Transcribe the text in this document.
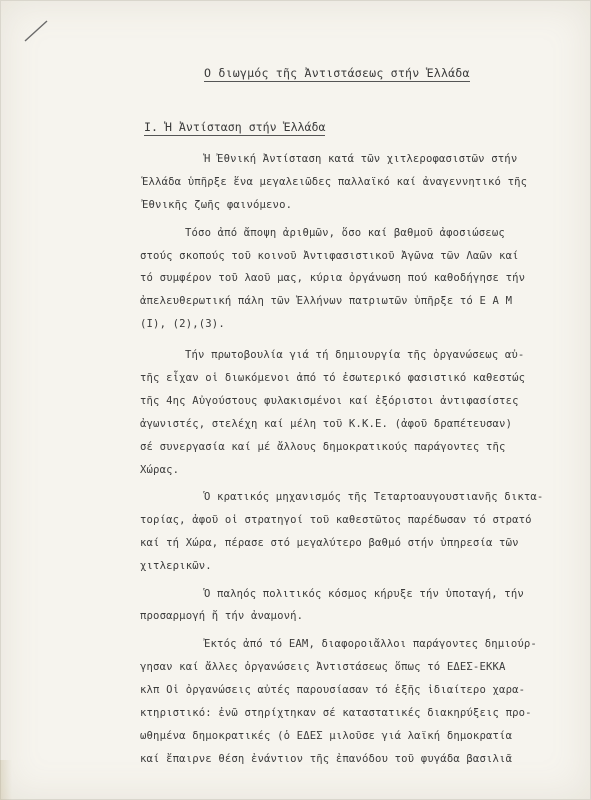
Ο διωγμός τῆς Ἀντιστάσεως στήν Ἑλλάδα
I. Ἡ Ἀντίσταση στήν Ἑλλάδα
Ἡ Ἐθνική Ἀντίσταση κατά τῶν χιτλεροφασιστῶν στήν
Ἑλλάδα ὑπῆρξε ἕνα μεγαλειῶδες παλλαϊκό καί ἀναγεννητικό τῆς
Ἐθνικῆς ζωῆς φαινόμενο.
Τόσο ἀπό ἄποψη ἀριθμῶν, ὅσο καί βαθμοῦ ἀφοσιώσεως
στούς σκοπούς τοῦ κοινοῦ Ἀντιφασιστικοῦ Ἀγῶνα τῶν Λαῶν καί
τό συμφέρον τοῦ λαοῦ μας, κύρια ὀργάνωση πού καθοδήγησε τήν
ἀπελευθερωτική πάλη τῶν Ἑλλήνων πατριωτῶν ὑπῆρξε τό Ε Α Μ
(I), (2),(3).
Τήν πρωτοβουλία γιά τή δημιουργία τῆς ὀργανώσεως αὐ-
τῆς εἶχαν οἱ διωκόμενοι ἀπό τό ἐσωτερικό φασιστικό καθεστώς
τῆς 4ης Αὐγούστους φυλακισμένοι καί ἐξόριστοι ἀντιφασίστες
ἀγωνιστές, στελέχη καί μέλη τοῦ Κ.Κ.Ε. (ἀφοῦ δραπέτευσαν)
σέ συνεργασία καί μέ ἄλλους δημοκρατικούς παράγοντες τῆς
Χώρας.
Ὁ κρατικός μηχανισμός τῆς Τεταρτοαυγουστιανῆς δικτα-
τορίας, ἀφοῦ οἱ στρατηγοί τοῦ καθεστῶτος παρέδωσαν τό στρατό
καί τή Χώρα, πέρασε στό μεγαλύτερο βαθμό στήν ὑπηρεσία τῶν
χιτλερικῶν.
Ὁ παληός πολιτικός κόσμος κήρυξε τήν ὑποταγή, τήν
προσαρμογή ἤ τήν ἀναμονή.
Ἐκτός ἀπό τό ΕΑΜ, διαφοροιἄλλοι παράγοντες δημιούρ-
γησαν καί ἄλλες ὀργανώσεις Ἀντιστάσεως ὅπως τό ΕΔΕΣ-ΕΚΚΑ
κλπ Οἱ ὀργανώσεις αὐτές παρουσίασαν τό ἑξῆς ἰδιαίτερο χαρα-
κτηριστικό: ἐνῶ στηρίχτηκαν σέ καταστατικές διακηρύξεις προ-
ωθημένα δημοκρατικές (ὁ ΕΔΕΣ μιλοῦσε γιά λαϊκή δημοκρατία
καί ἔπαιρνε θέση ἐνάντιον τῆς ἐπανόδου τοῦ φυγάδα βασιλιᾶ
